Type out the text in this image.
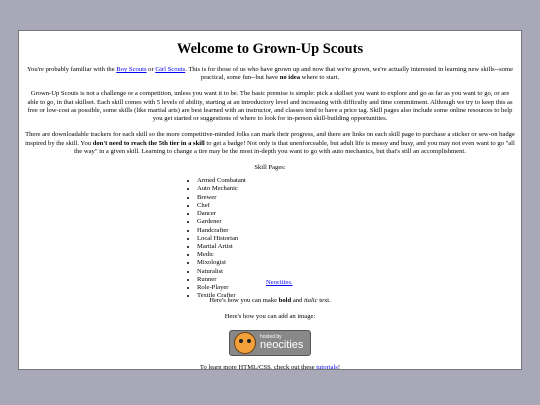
Welcome to Grown-Up Scouts

You're probably familiar with the Boy Scouts or Girl Scouts. This is for those of us who have grown up and now that we're grown, we're actually interested in learning new skills--some practical, some fun--but have no idea where to start.

Grown-Up Scouts is not a challenge or a competition, unless you want it to be. The basic premise is simple: pick a skillset you want to explore and go as far as you want to go, or are able to go, in that skillset. Each skill comes with 5 levels of ability, starting at an introductory level and increasing with difficulty and time commitment. Although we try to keep this as free or low-cost as possible, some skills (like martial arts) are best learned with an instructor, and classes tend to have a price tag. Skill pages also include some online resources to help you get started or suggestions of where to look for in-person skill-building opportunities.

There are downloadable trackers for each skill so the more competitive-minded folks can mark their progress, and there are links on each skill page to purchase a sticker or sew-on badge inspired by the skill. You don't need to reach the 5th tier in a skill to get a badge! Not only is that unenforceable, but adult life is messy and busy, and you may not even want to go "all the way" in a given skill. Learning to change a tire may be the most in-depth you want to go with auto mechanics, but that's still an accomplishment.

Skill Pages:
• Armed Combatant
• Auto Mechanic
• Brewer
• Chef
• Dancer
• Gardener
• Handcrafter
• Local Historian
• Martial Artist
• Medic
• Mixologist
• Naturalist
• Runner
• Role-Player
• Textile Crafter
Neocities.

Here's how you can make bold and italic text.

Here's how you can add an image:

hosted by
neocities

To learn more HTML/CSS, check out these tutorials!
